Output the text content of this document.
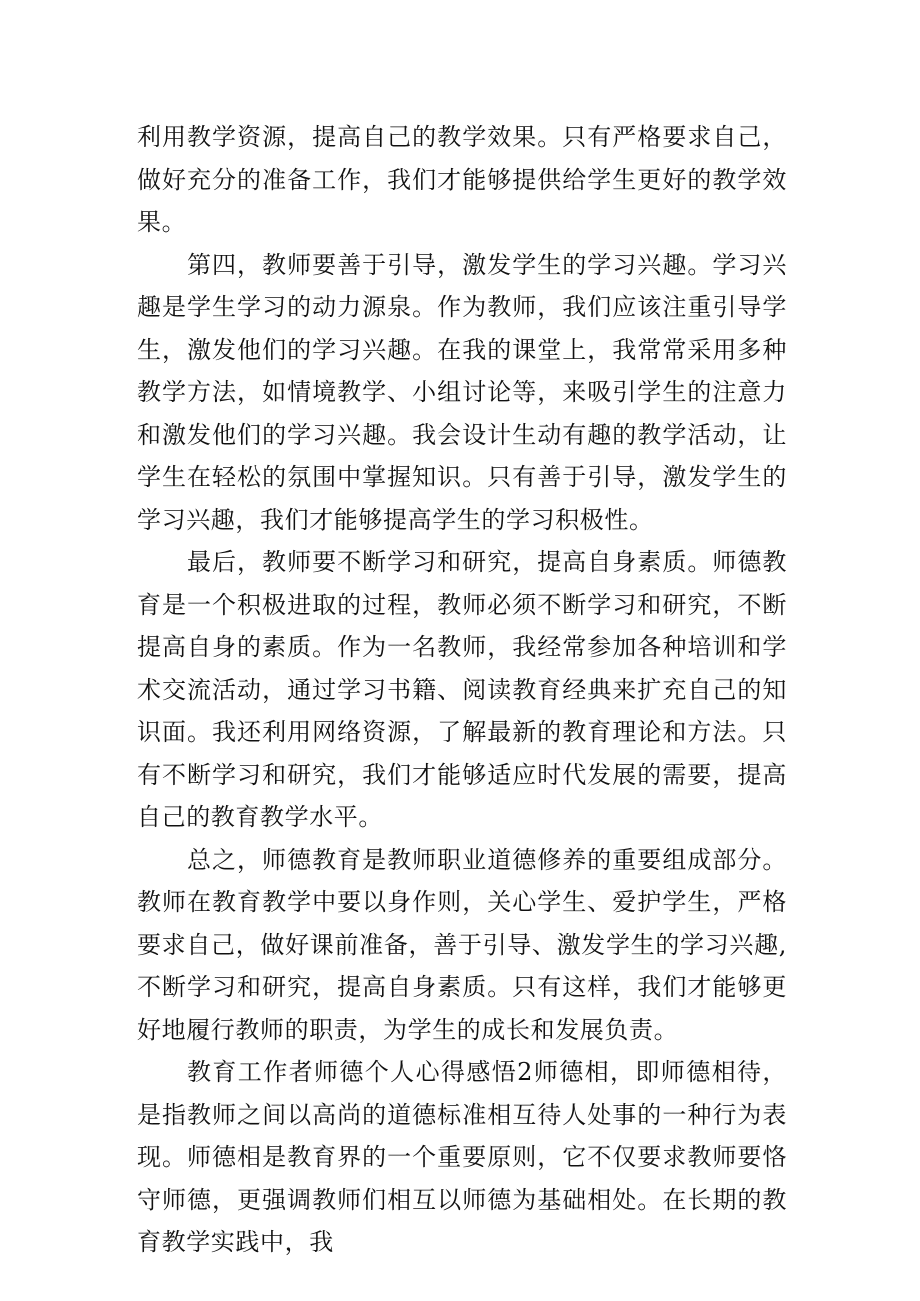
利用教学资源，提高自己的教学效果。只有严格要求自己，做好充分的准备工作，我们才能够提供给学生更好的教学效果。

第四，教师要善于引导，激发学生的学习兴趣。学习兴趣是学生学习的动力源泉。作为教师，我们应该注重引导学生，激发他们的学习兴趣。在我的课堂上，我常常采用多种教学方法，如情境教学、小组讨论等，来吸引学生的注意力和激发他们的学习兴趣。我会设计生动有趣的教学活动，让学生在轻松的氛围中掌握知识。只有善于引导，激发学生的学习兴趣，我们才能够提高学生的学习积极性。

最后，教师要不断学习和研究，提高自身素质。师德教育是一个积极进取的过程，教师必须不断学习和研究，不断提高自身的素质。作为一名教师，我经常参加各种培训和学术交流活动，通过学习书籍、阅读教育经典来扩充自己的知识面。我还利用网络资源，了解最新的教育理论和方法。只有不断学习和研究，我们才能够适应时代发展的需要，提高自己的教育教学水平。

总之，师德教育是教师职业道德修养的重要组成部分。教师在教育教学中要以身作则，关心学生、爱护学生，严格要求自己，做好课前准备，善于引导、激发学生的学习兴趣,不断学习和研究，提高自身素质。只有这样，我们才能够更好地履行教师的职责，为学生的成长和发展负责。

教育工作者师德个人心得感悟2师德相，即师德相待，是指教师之间以高尚的道德标准相互待人处事的一种行为表现。师德相是教育界的一个重要原则，它不仅要求教师要恪守师德，更强调教师们相互以师德为基础相处。在长期的教育教学实践中，我
